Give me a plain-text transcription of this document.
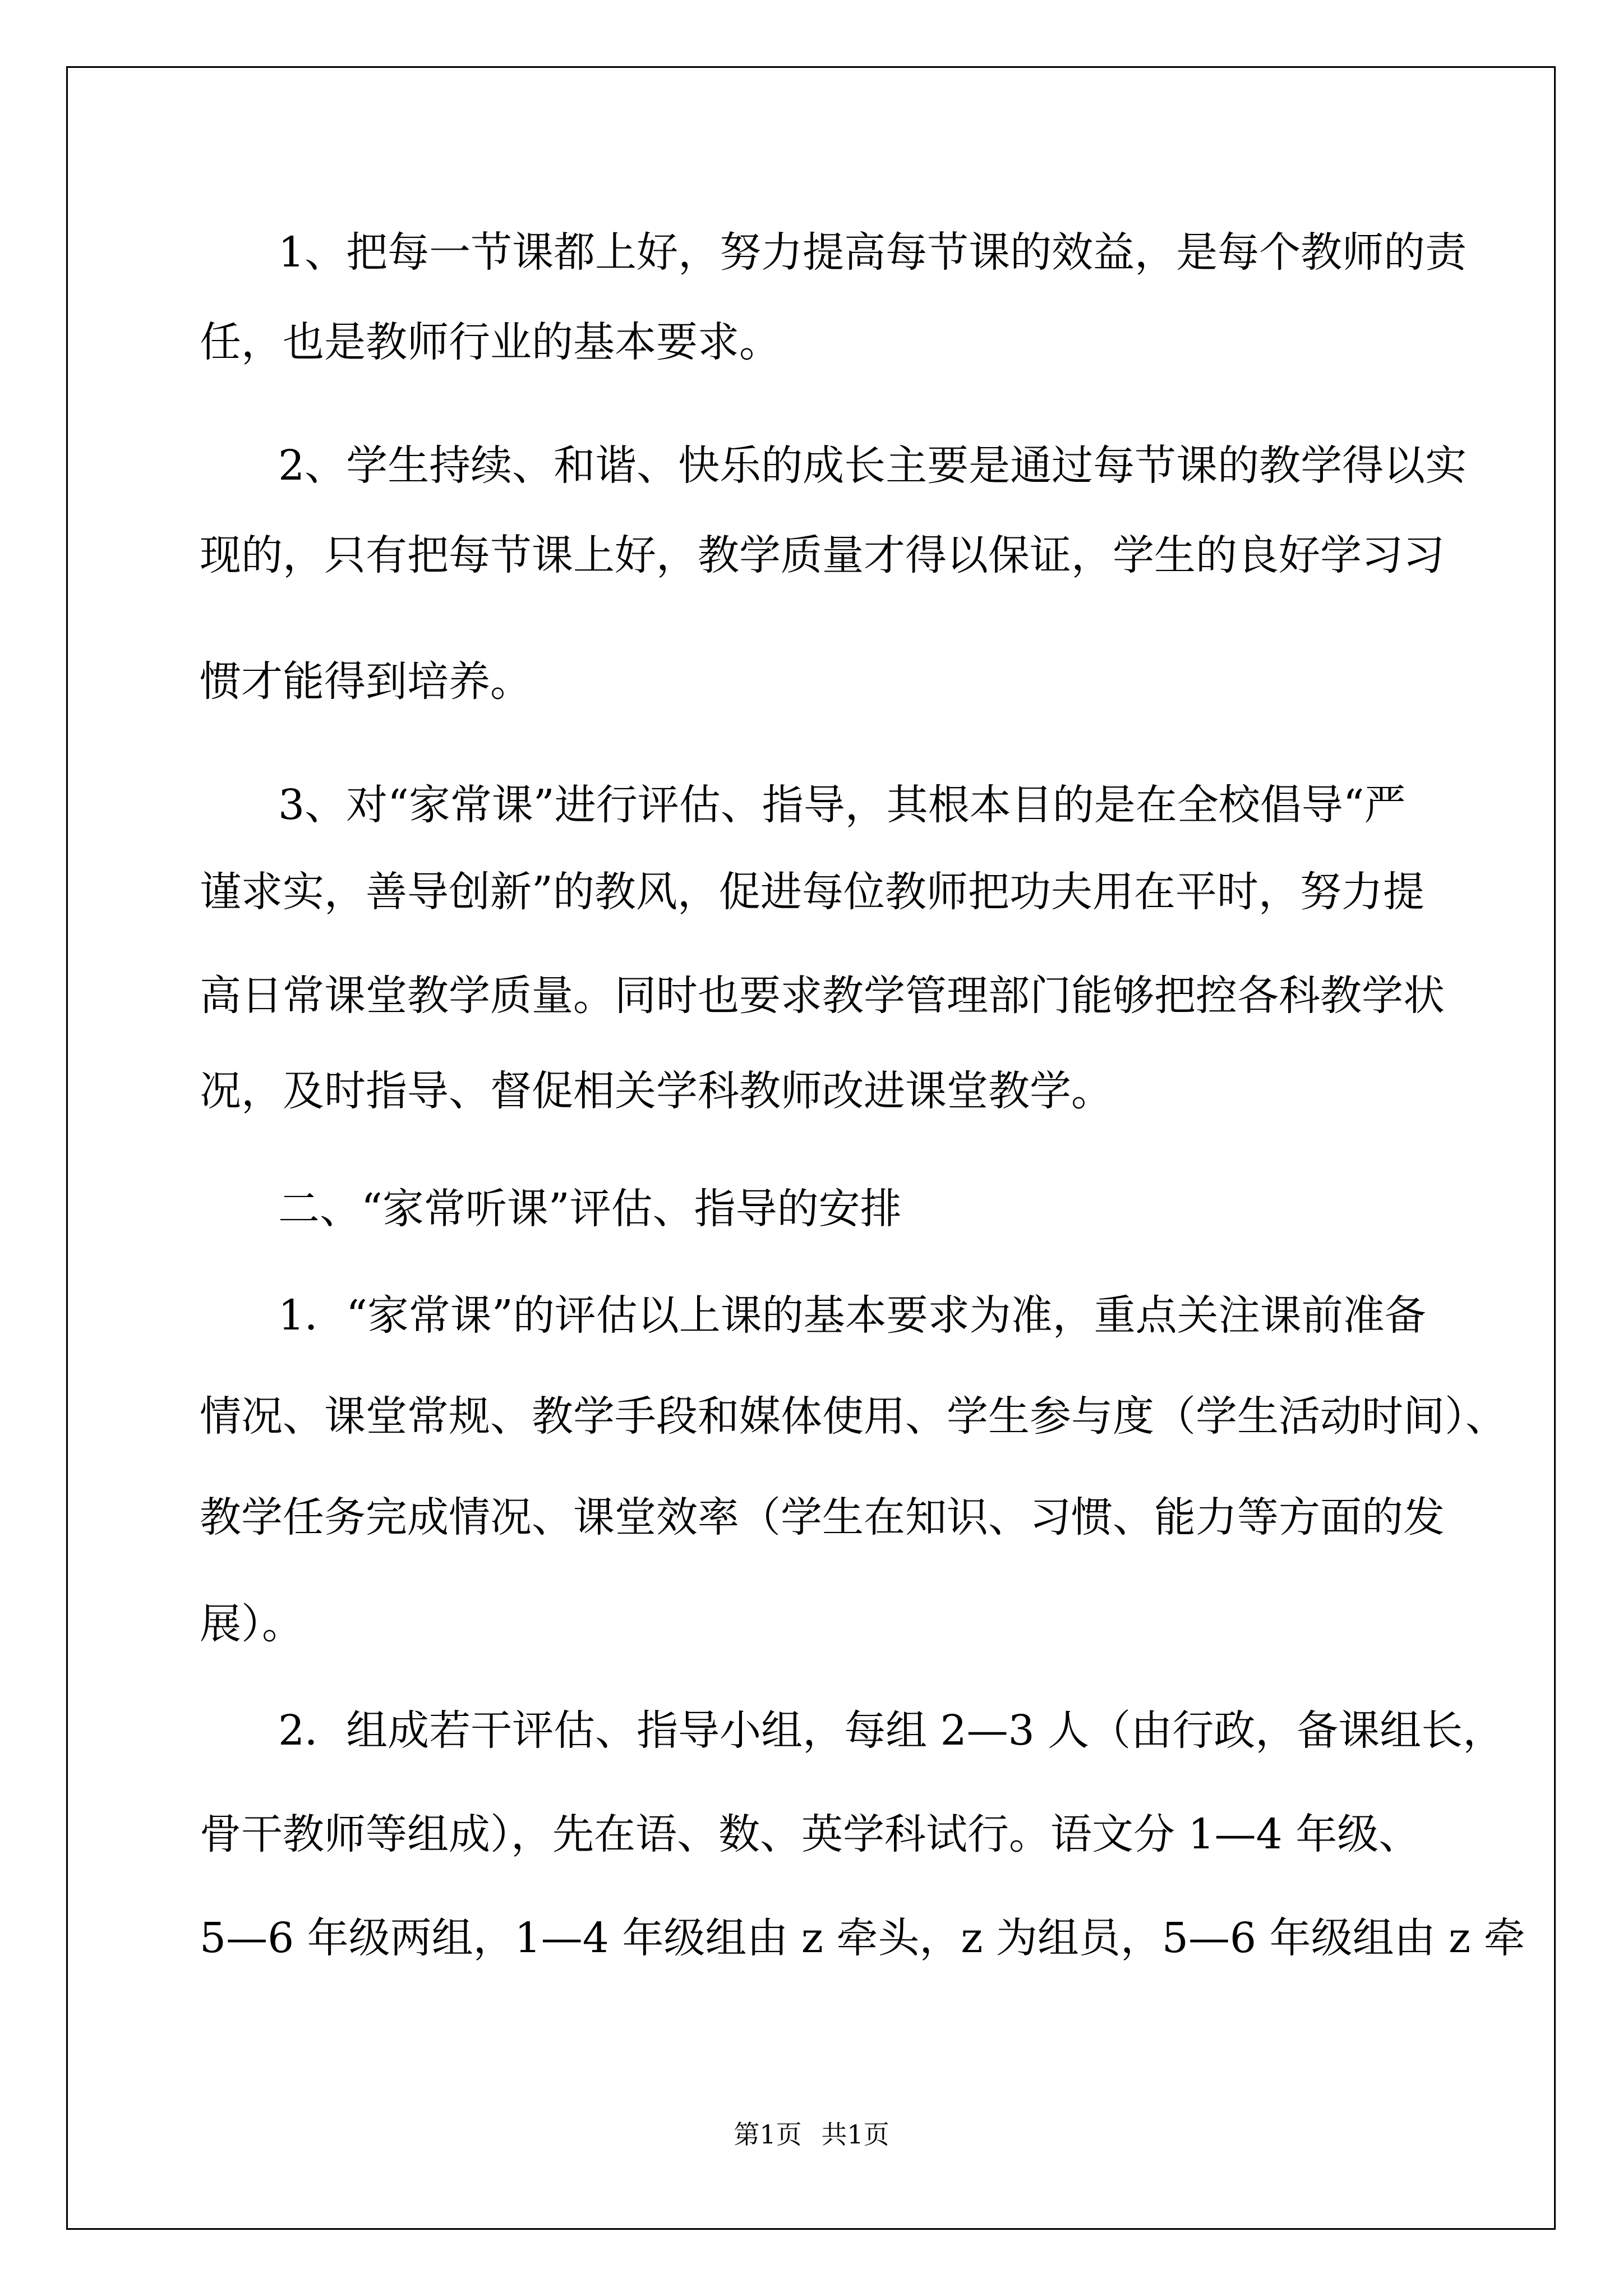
1、把每一节课都上好，努力提高每节课的效益，是每个教师的责
任，也是教师行业的基本要求。
2、学生持续、和谐、快乐的成长主要是通过每节课的教学得以实
现的，只有把每节课上好，教学质量才得以保证，学生的良好学习习
惯才能得到培养。
3、对“家常课”进行评估、指导，其根本目的是在全校倡导“严
谨求实，善导创新”的教风，促进每位教师把功夫用在平时，努力提
高日常课堂教学质量。同时也要求教学管理部门能够把控各科教学状
况，及时指导、督促相关学科教师改进课堂教学。
二、“家常听课”评估、指导的安排
1．“家常课”的评估以上课的基本要求为准，重点关注课前准备
情况、课堂常规、教学手段和媒体使用、学生参与度（学生活动时间）、
教学任务完成情况、课堂效率（学生在知识、习惯、能力等方面的发
展）。
2．组成若干评估、指导小组，每组 2—3 人（由行政，备课组长，
骨干教师等组成），先在语、数、英学科试行。语文分 1—4 年级、
5—6 年级两组，1—4 年级组由 z 牵头，z 为组员，5—6 年级组由 z 牵
第1页 共1页
